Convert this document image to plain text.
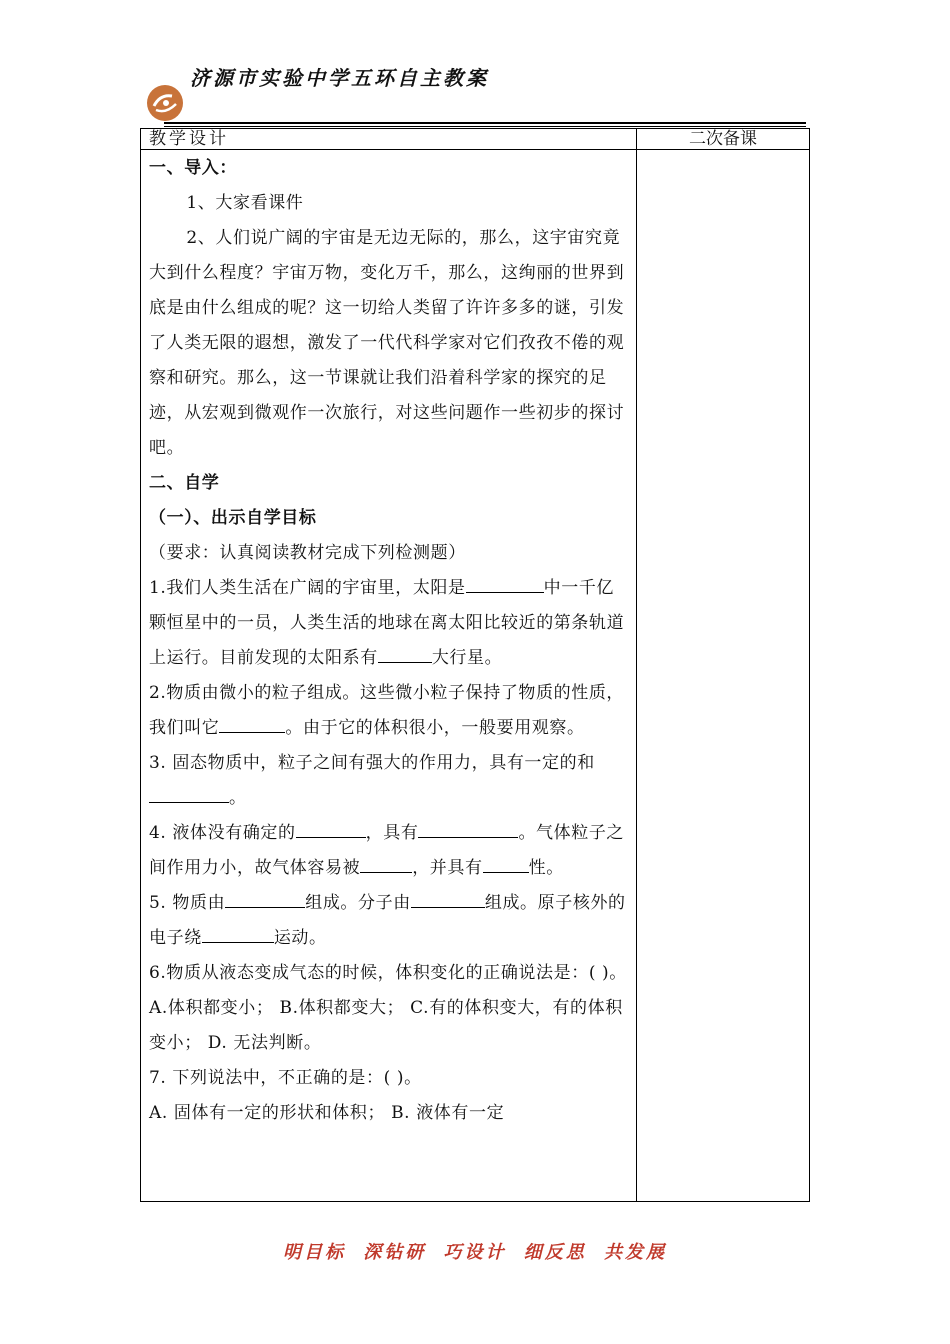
济源市实验中学五环自主教案
教学设计	二次备课

一、导入：

1、大家看课件

2、人们说广阔的宇宙是无边无际的，那么，这宇宙究竟大到什么程度？宇宙万物，变化万千，那么，这绚丽的世界到底是由什么组成的呢？这一切给人类留了许许多多的谜，引发了人类无限的遐想，激发了一代代科学家对它们孜孜不倦的观察和研究。那么，这一节课就让我们沿着科学家的探究的足迹，从宏观到微观作一次旅行，对这些问题作一些初步的探讨吧。

二、自学

（一）、出示自学目标（要求：认真阅读教材完成下列检测题）

1.我们人类生活在广阔的宇宙里，太阳是	中一千亿颗恒星中的一员，人类生活的地球在离太阳比较近的第条轨道上运行。目前发现的太阳系有	大行星。

2.物质由微小的粒子组成。这些微小粒子保持了物质的性质，我们叫它	。由于它的体积很小，一般要用观察。

3. 固态物质中，粒子之间有强大的作用力，具有一定的和。

4. 液体没有确定的	，具有	。气体粒子之间作用力小，故气体容易被	，并具有	性。

5. 物质由	组成。分子由	组成。原子核外的电子绕	运动。

6.物质从液态变成气态的时候，体积变化的正确说法是：( )。

A.体积都变小； B.体积都变大； C.有的体积变大，有的体积变小； D. 无法判断。

7. 下列说法中，不正确的是：( )。

A. 固体有一定的形状和体积； B. 液体有一定

明目标 深钻研 巧设计 细反思 共发展
